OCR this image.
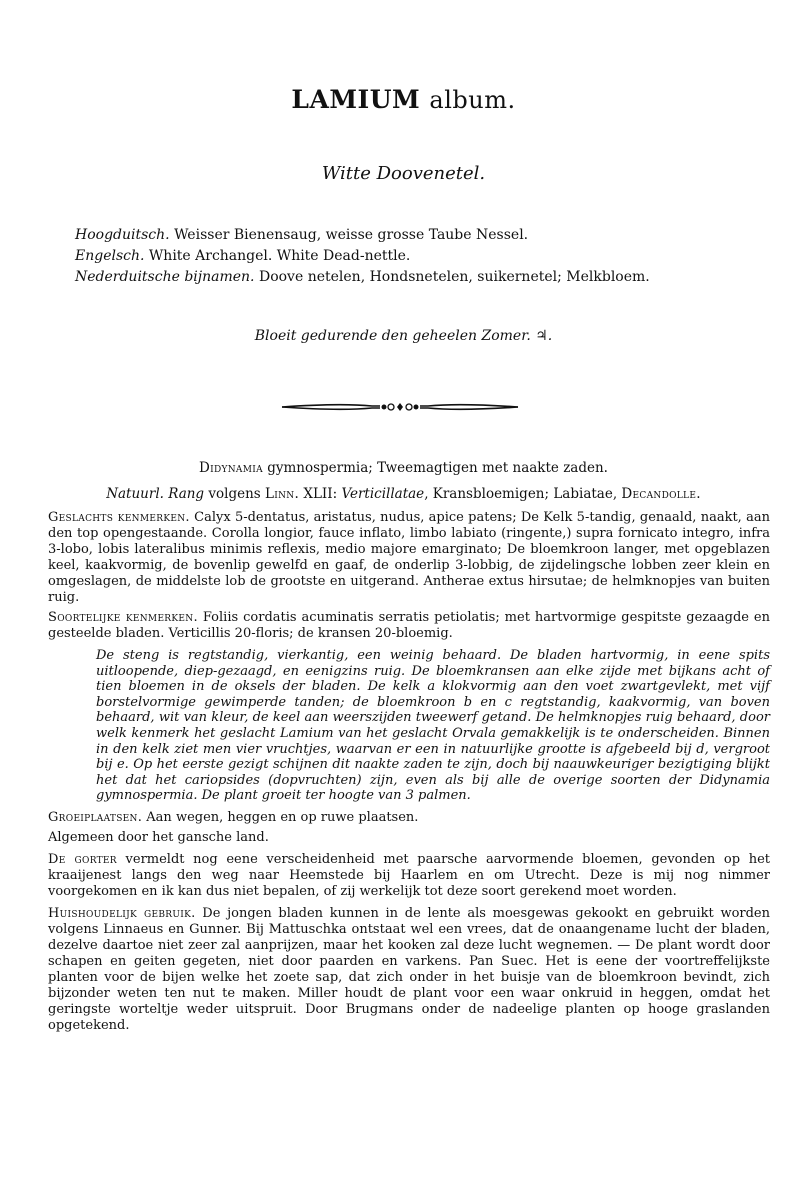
LAMIUM album.
Witte Doovenetel.
Hoogduitsch. Weisser Bienensaug, weisse grosse Taube Nessel.
Engelsch. White Archangel. White Dead-nettle.
Nederduitsche bijnamen. Doove netelen, Hondsnetelen, suikernetel; Melkbloem.
Bloeit gedurende den geheelen Zomer. ♃.
Didynamia gymnospermia; Tweemagtigen met naakte zaden.
Natuurl. Rang volgens Linn. XLII: Verticillatae, Kransbloemigen; Labiatae, Decandolle.

Geslachts kenmerken. Calyx 5-dentatus, aristatus, nudus, apice patens; De Kelk 5-tandig, genaald, naakt, aan den top opengestaande. Corolla longior, fauce inflato, limbo labiato (ringente,) supra fornicato integro, infra 3-lobo, lobis lateralibus minimis reflexis, medio majore emarginato; De bloemkroon langer, met opgeblazen keel, kaakvormig, de bovenlip gewelfd en gaaf, de onderlip 3-lobbig, de zijdelingsche lobben zeer klein en omgeslagen, de middelste lob de grootste en uitgerand. Antherae extus hirsutae; de helmknopjes van buiten ruig.

Soortelijke kenmerken. Foliis cordatis acuminatis serratis petiolatis; met hartvormige gespitste gezaagde en gesteelde bladen. Verticillis 20-floris; de kransen 20-bloemig.

De steng is regtstandig, vierkantig, een weinig behaard. De bladen hartvormig, in eene spits uitloopende, diep-gezaagd, en eenigzins ruig. De bloemkransen aan elke zijde met bijkans acht of tien bloemen in de oksels der bladen. De kelk a klokvormig aan den voet zwartgevlekt, met vijf borstelvormige gewimperde tanden; de bloemkroon b en c regtstandig, kaakvormig, van boven behaard, wit van kleur, de keel aan weerszijden tweewerf getand. De helmknopjes ruig behaard, door welk kenmerk het geslacht Lamium van het geslacht Orvala gemakkelijk is te onderscheiden. Binnen in den kelk ziet men vier vruchtjes, waarvan er een in natuurlijke grootte is afgebeeld bij d, vergroot bij e. Op het eerste gezigt schijnen dit naakte zaden te zijn, doch bij naauwkeuriger bezigtiging blijkt het dat het cariopsides (dopvruchten) zijn, even als bij alle de overige soorten der Didynamia gymnospermia. De plant groeit ter hoogte van 3 palmen.

Groeiplaatsen. Aan wegen, heggen en op ruwe plaatsen.

Algemeen door het gansche land.

De gorter vermeldt nog eene verscheidenheid met paarsche aarvormende bloemen, gevonden op het kraaijenest langs den weg naar Heemstede bij Haarlem en om Utrecht. Deze is mij nog nimmer voorgekomen en ik kan dus niet bepalen, of zij werkelijk tot deze soort gerekend moet worden.

Huishoudelijk gebruik. De jongen bladen kunnen in de lente als moesgewas gekookt en gebruikt worden volgens Linnaeus en Gunner. Bij Mattuschka ontstaat wel een vrees, dat de onaangename lucht der bladen, dezelve daartoe niet zeer zal aanprijzen, maar het kooken zal deze lucht wegnemen. — De plant wordt door schapen en geiten gegeten, niet door paarden en varkens. Pan Suec. Het is eene der voortreffelijkste planten voor de bijen welke het zoete sap, dat zich onder in het buisje van de bloemkroon bevindt, zich bijzonder weten ten nut te maken. Miller houdt de plant voor een waar onkruid in heggen, omdat het geringste worteltje weder uitspruit. Door Brugmans onder de nadeelige planten op hooge graslanden opgetekend.
